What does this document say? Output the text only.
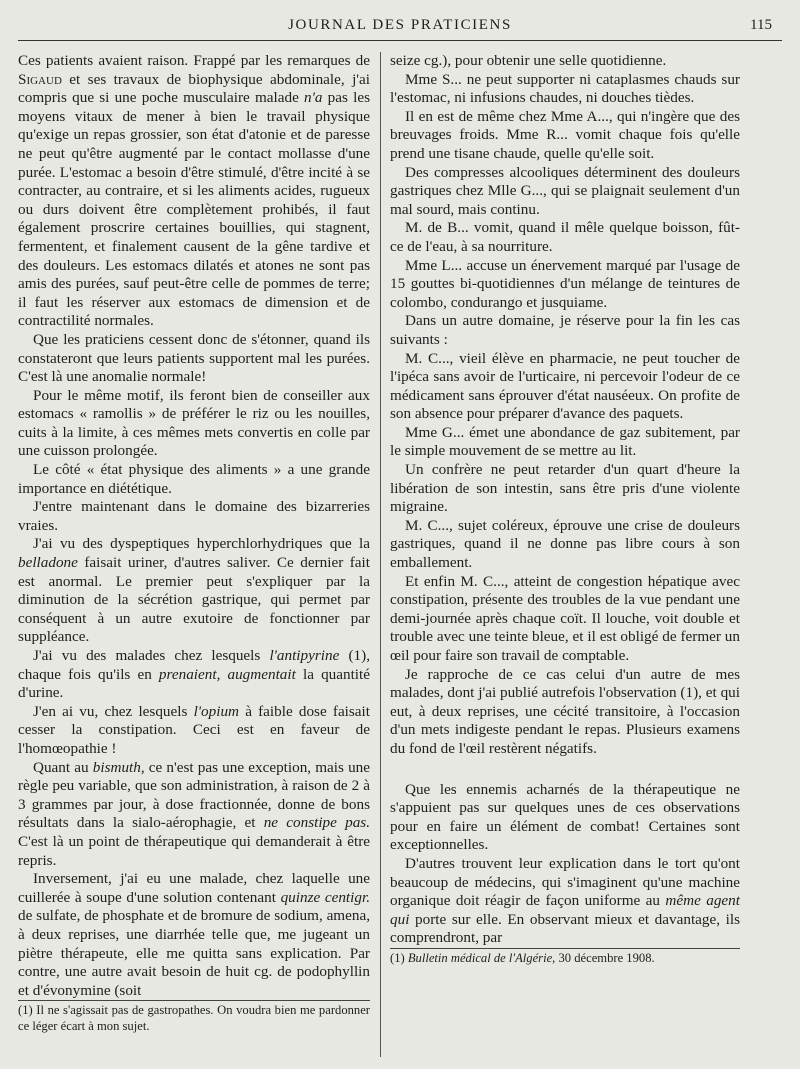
JOURNAL DES PRATICIENS	115

Ces patients avaient raison. Frappé par les remarques de Sigaud et ses travaux de biophysique abdominale, j'ai compris que si une poche musculaire malade n'a pas les moyens vitaux de mener à bien le travail physique qu'exige un repas grossier, son état d'atonie et de paresse ne peut qu'être augmenté par le contact mollasse d'une purée. L'estomac a besoin d'être stimulé, d'être incité à se contracter, au contraire, et si les aliments acides, rugueux ou durs doivent être complètement prohibés, il faut également proscrire certaines bouillies, qui stagnent, fermentent, et finalement causent de la gêne tardive et des douleurs. Les estomacs dilatés et atones ne sont pas amis des purées, sauf peut-être celle de pommes de terre; il faut les réserver aux estomacs de dimension et de contractilité normales.

Que les praticiens cessent donc de s'étonner, quand ils constateront que leurs patients supportent mal les purées. C'est là une anomalie normale!

Pour le même motif, ils feront bien de conseiller aux estomacs « ramollis » de préférer le riz ou les nouilles, cuits à la limite, à ces mêmes mets convertis en colle par une cuisson prolongée.

Le côté « état physique des aliments » a une grande importance en diététique.

J'entre maintenant dans le domaine des bizarreries vraies.

J'ai vu des dyspeptiques hyperchlorhydriques que la belladone faisait uriner, d'autres saliver. Ce dernier fait est anormal. Le premier peut s'expliquer par la diminution de la sécrétion gastrique, qui permet par conséquent à un autre exutoire de fonctionner par suppléance.

J'ai vu des malades chez lesquels l'antipyrine (1), chaque fois qu'ils en prenaient, augmentait la quantité d'urine.

J'en ai vu, chez lesquels l'opium à faible dose faisait cesser la constipation. Ceci est en faveur de l'homœopathie !

Quant au bismuth, ce n'est pas une exception, mais une règle peu variable, que son administration, à raison de 2 à 3 grammes par jour, à dose fractionnée, donne de bons résultats dans la sialo-aérophagie, et ne constipe pas. C'est là un point de thérapeutique qui demanderait à être repris.

Inversement, j'ai eu une malade, chez laquelle une cuillerée à soupe d'une solution contenant quinze centigr. de sulfate, de phosphate et de bromure de sodium, amena, à deux reprises, une diarrhée telle que, me jugeant un piètre thérapeute, elle me quitta sans explication. Par contre, une autre avait besoin de huit cg. de podophyllin et d'évonymine (soit

(1) Il ne s'agissait pas de gastropathes. On voudra bien me pardonner ce léger écart à mon sujet.

seize cg.), pour obtenir une selle quotidienne.

Mme S... ne peut supporter ni cataplasmes chauds sur l'estomac, ni infusions chaudes, ni douches tièdes.

Il en est de même chez Mme A..., qui n'ingère que des breuvages froids. Mme R... vomit chaque fois qu'elle prend une tisane chaude, quelle qu'elle soit.

Des compresses alcooliques déterminent des douleurs gastriques chez Mlle G..., qui se plaignait seulement d'un mal sourd, mais continu.

M. de B... vomit, quand il mêle quelque boisson, fût-ce de l'eau, à sa nourriture.

Mme L... accuse un énervement marqué par l'usage de 15 gouttes bi-quotidiennes d'un mélange de teintures de colombo, condurango et jusquiame.

Dans un autre domaine, je réserve pour la fin les cas suivants :

M. C..., vieil élève en pharmacie, ne peut toucher de l'ipéca sans avoir de l'urticaire, ni percevoir l'odeur de ce médicament sans éprouver d'état nauséeux. On profite de son absence pour préparer d'avance des paquets.

Mme G... émet une abondance de gaz subitement, par le simple mouvement de se mettre au lit.

Un confrère ne peut retarder d'un quart d'heure la libération de son intestin, sans être pris d'une violente migraine.

M. C..., sujet coléreux, éprouve une crise de douleurs gastriques, quand il ne donne pas libre cours à son emballement.

Et enfin M. C..., atteint de congestion hépatique avec constipation, présente des troubles de la vue pendant une demi-journée après chaque coït. Il louche, voit double et trouble avec une teinte bleue, et il est obligé de fermer un œil pour faire son travail de comptable.

Je rapproche de ce cas celui d'un autre de mes malades, dont j'ai publié autrefois l'observation (1), et qui eut, à deux reprises, une cécité transitoire, à l'occasion d'un mets indigeste pendant le repas. Plusieurs examens du fond de l'œil restèrent négatifs.

Que les ennemis acharnés de la thérapeutique ne s'appuient pas sur quelques unes de ces observations pour en faire un élément de combat! Certaines sont exceptionnelles.

D'autres trouvent leur explication dans le tort qu'ont beaucoup de médecins, qui s'imaginent qu'une machine organique doit réagir de façon uniforme au même agent qui porte sur elle. En observant mieux et davantage, ils comprendront, par

(1) Bulletin médical de l'Algérie, 30 décembre 1908.
